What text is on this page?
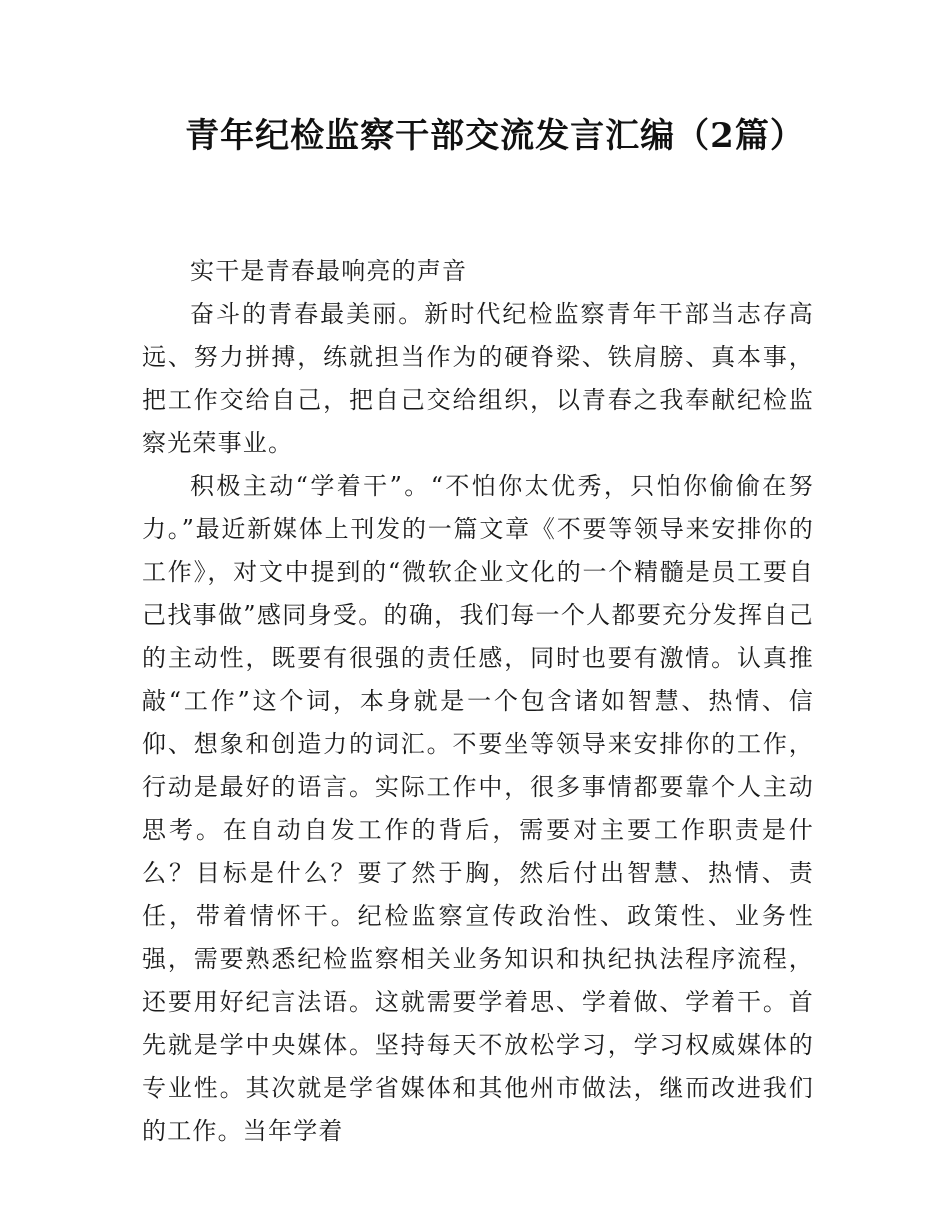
青年纪检监察干部交流发言汇编（2篇）

实干是青春最响亮的声音

奋斗的青春最美丽。新时代纪检监察青年干部当志存高远、努力拼搏，练就担当作为的硬脊梁、铁肩膀、真本事，把工作交给自己，把自己交给组织，以青春之我奉献纪检监察光荣事业。

积极主动“学着干”。“不怕你太优秀，只怕你偷偷在努力。”最近新媒体上刊发的一篇文章《不要等领导来安排你的工作》，对文中提到的“微软企业文化的一个精髓是员工要自己找事做”感同身受。的确，我们每一个人都要充分发挥自己的主动性，既要有很强的责任感，同时也要有激情。认真推敲“工作”这个词，本身就是一个包含诸如智慧、热情、信仰、想象和创造力的词汇。不要坐等领导来安排你的工作，行动是最好的语言。实际工作中，很多事情都要靠个人主动思考。在自动自发工作的背后，需要对主要工作职责是什么？目标是什么？要了然于胸，然后付出智慧、热情、责任，带着情怀干。纪检监察宣传政治性、政策性、业务性强，需要熟悉纪检监察相关业务知识和执纪执法程序流程，还要用好纪言法语。这就需要学着思、学着做、学着干。首先就是学中央媒体。坚持每天不放松学习，学习权威媒体的专业性。其次就是学省媒体和其他州市做法，继而改进我们的工作。当年学着
